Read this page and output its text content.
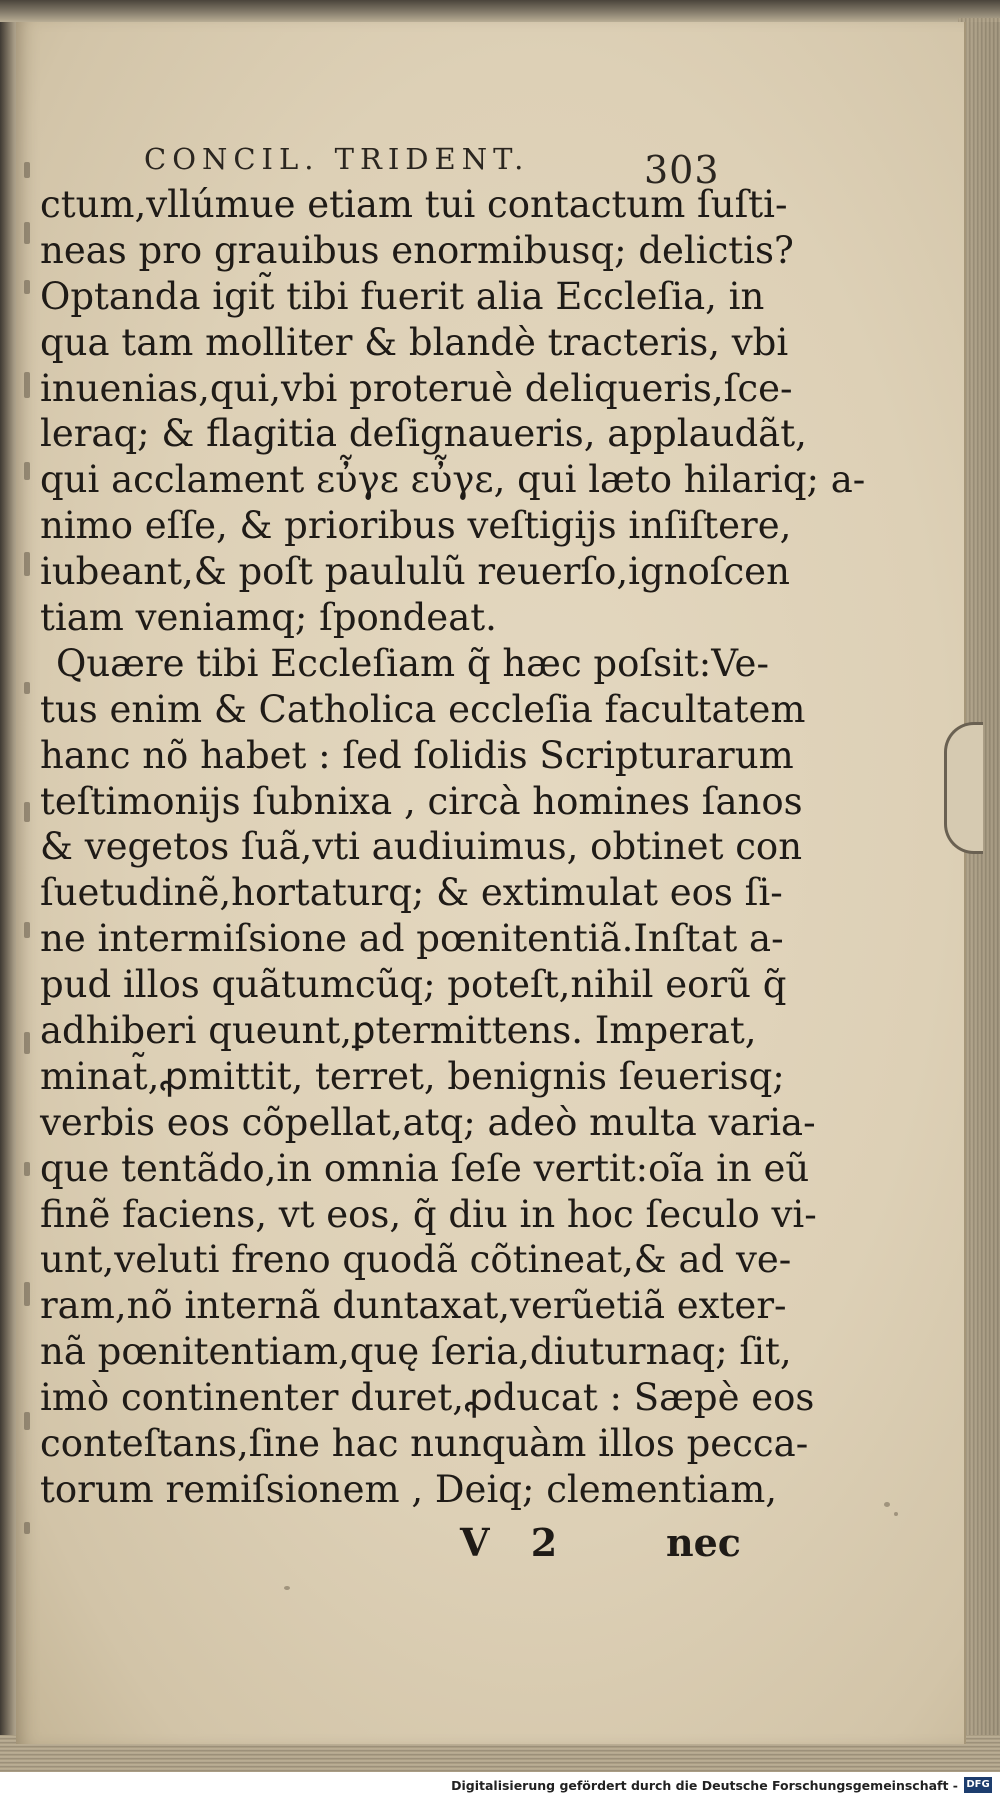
CONCIL. TRIDENT.	303
ctum,vllúmue etiam tui contactum ſuſti-
neas pro grauibus enormibusq; delictis?
Optanda igit̃ tibi fuerit alia Eccleſia, in
qua tam molliter & blandè tracteris, vbi
inuenias,qui,vbi proteruè deliqueris,ſce-
leraq; & flagitia deſignaueris, applaudãt,
qui acclament εὖγε εὖγε, qui læto hilariq; a-
nimo eſſe, & prioribus veſtigijs inſiſtere,
iubeant,& poſt paululũ reuerſo,ignoſcen
tiam veniamq; ſpondeat.
Quære tibi Eccleſiam q̃ hæc poſsit:Ve-
tus enim & Catholica eccleſia facultatem
hanc nõ habet : ſed ſolidis Scripturarum
teſtimonijs ſubnixa , circà homines ſanos
& vegetos ſuã,vti audiuimus, obtinet con
ſuetudinẽ,hortaturq; & extimulat eos ſi-
ne intermiſsione ad pœnitentiã.Inſtat a-
pud illos quãtumcũq; poteſt,nihil eorũ q̃
adhiberi queunt,ꝑtermittens. Imperat,
minat̃,ꝓmittit, terret, benignis ſeuerisq;
verbis eos cõpellat,atq; adeò multa varia-
que tentãdo,in omnia ſeſe vertit:oĩa in eũ
finẽ faciens, vt eos, q̃ diu in hoc ſeculo vi-
unt,veluti freno quodã cõtineat,& ad ve-
ram,nõ internã duntaxat,verũetiã exter-
nã pœnitentiam,quę ſeria,diuturnaq; ſit,
imò continenter duret,ꝓducat : Sæpè eos
conteſtans,ſine hac nunquàm illos pecca-
torum remiſsionem , Deiq; clementiam,
V 2 nec
Digitalisierung gefördert durch die Deutsche Forschungsgemeinschaft - DFG
